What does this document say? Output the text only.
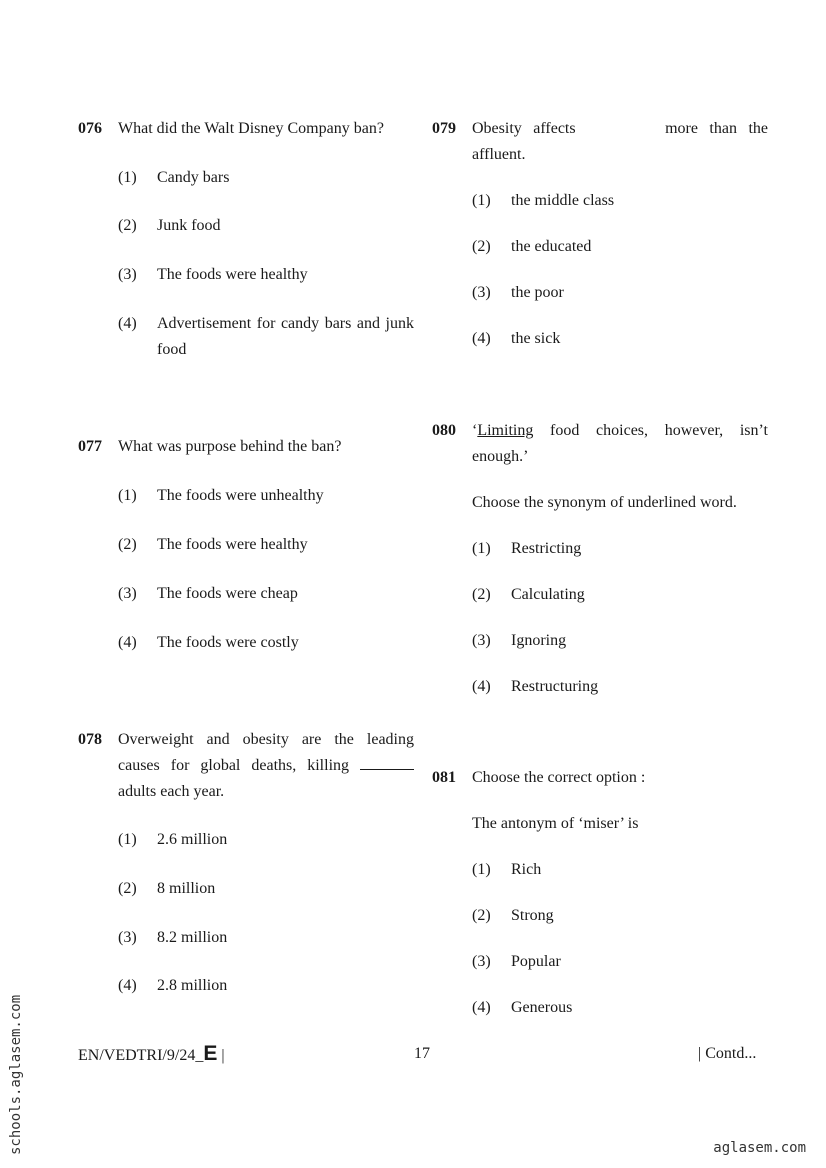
076 What did the Walt Disney Company ban?
(1) Candy bars
(2) Junk food
(3) The foods were healthy
(4) Advertisement for candy bars and junk food
077 What was purpose behind the ban?
(1) The foods were unhealthy
(2) The foods were healthy
(3) The foods were cheap
(4) The foods were costly
078 Overweight and obesity are the leading causes for global deaths, killing  adults each year.
(1) 2.6 million
(2) 8 million
(3) 8.2 million
(4) 2.8 million
079 Obesity affects	more than the affluent.
(1) the middle class
(2) the educated
(3) the poor
(4) the sick
080 ‘Limiting food choices, however, isn’t enough.’
Choose the synonym of underlined word.
(1) Restricting
(2) Calculating
(3) Ignoring
(4) Restructuring
081 Choose the correct option :
The antonym of ‘miser’ is
(1) Rich
(2) Strong
(3) Popular
(4) Generous
EN/VEDTRI/9/24_E |	17	| Contd...
schools.aglasem.com	aglasem.com
